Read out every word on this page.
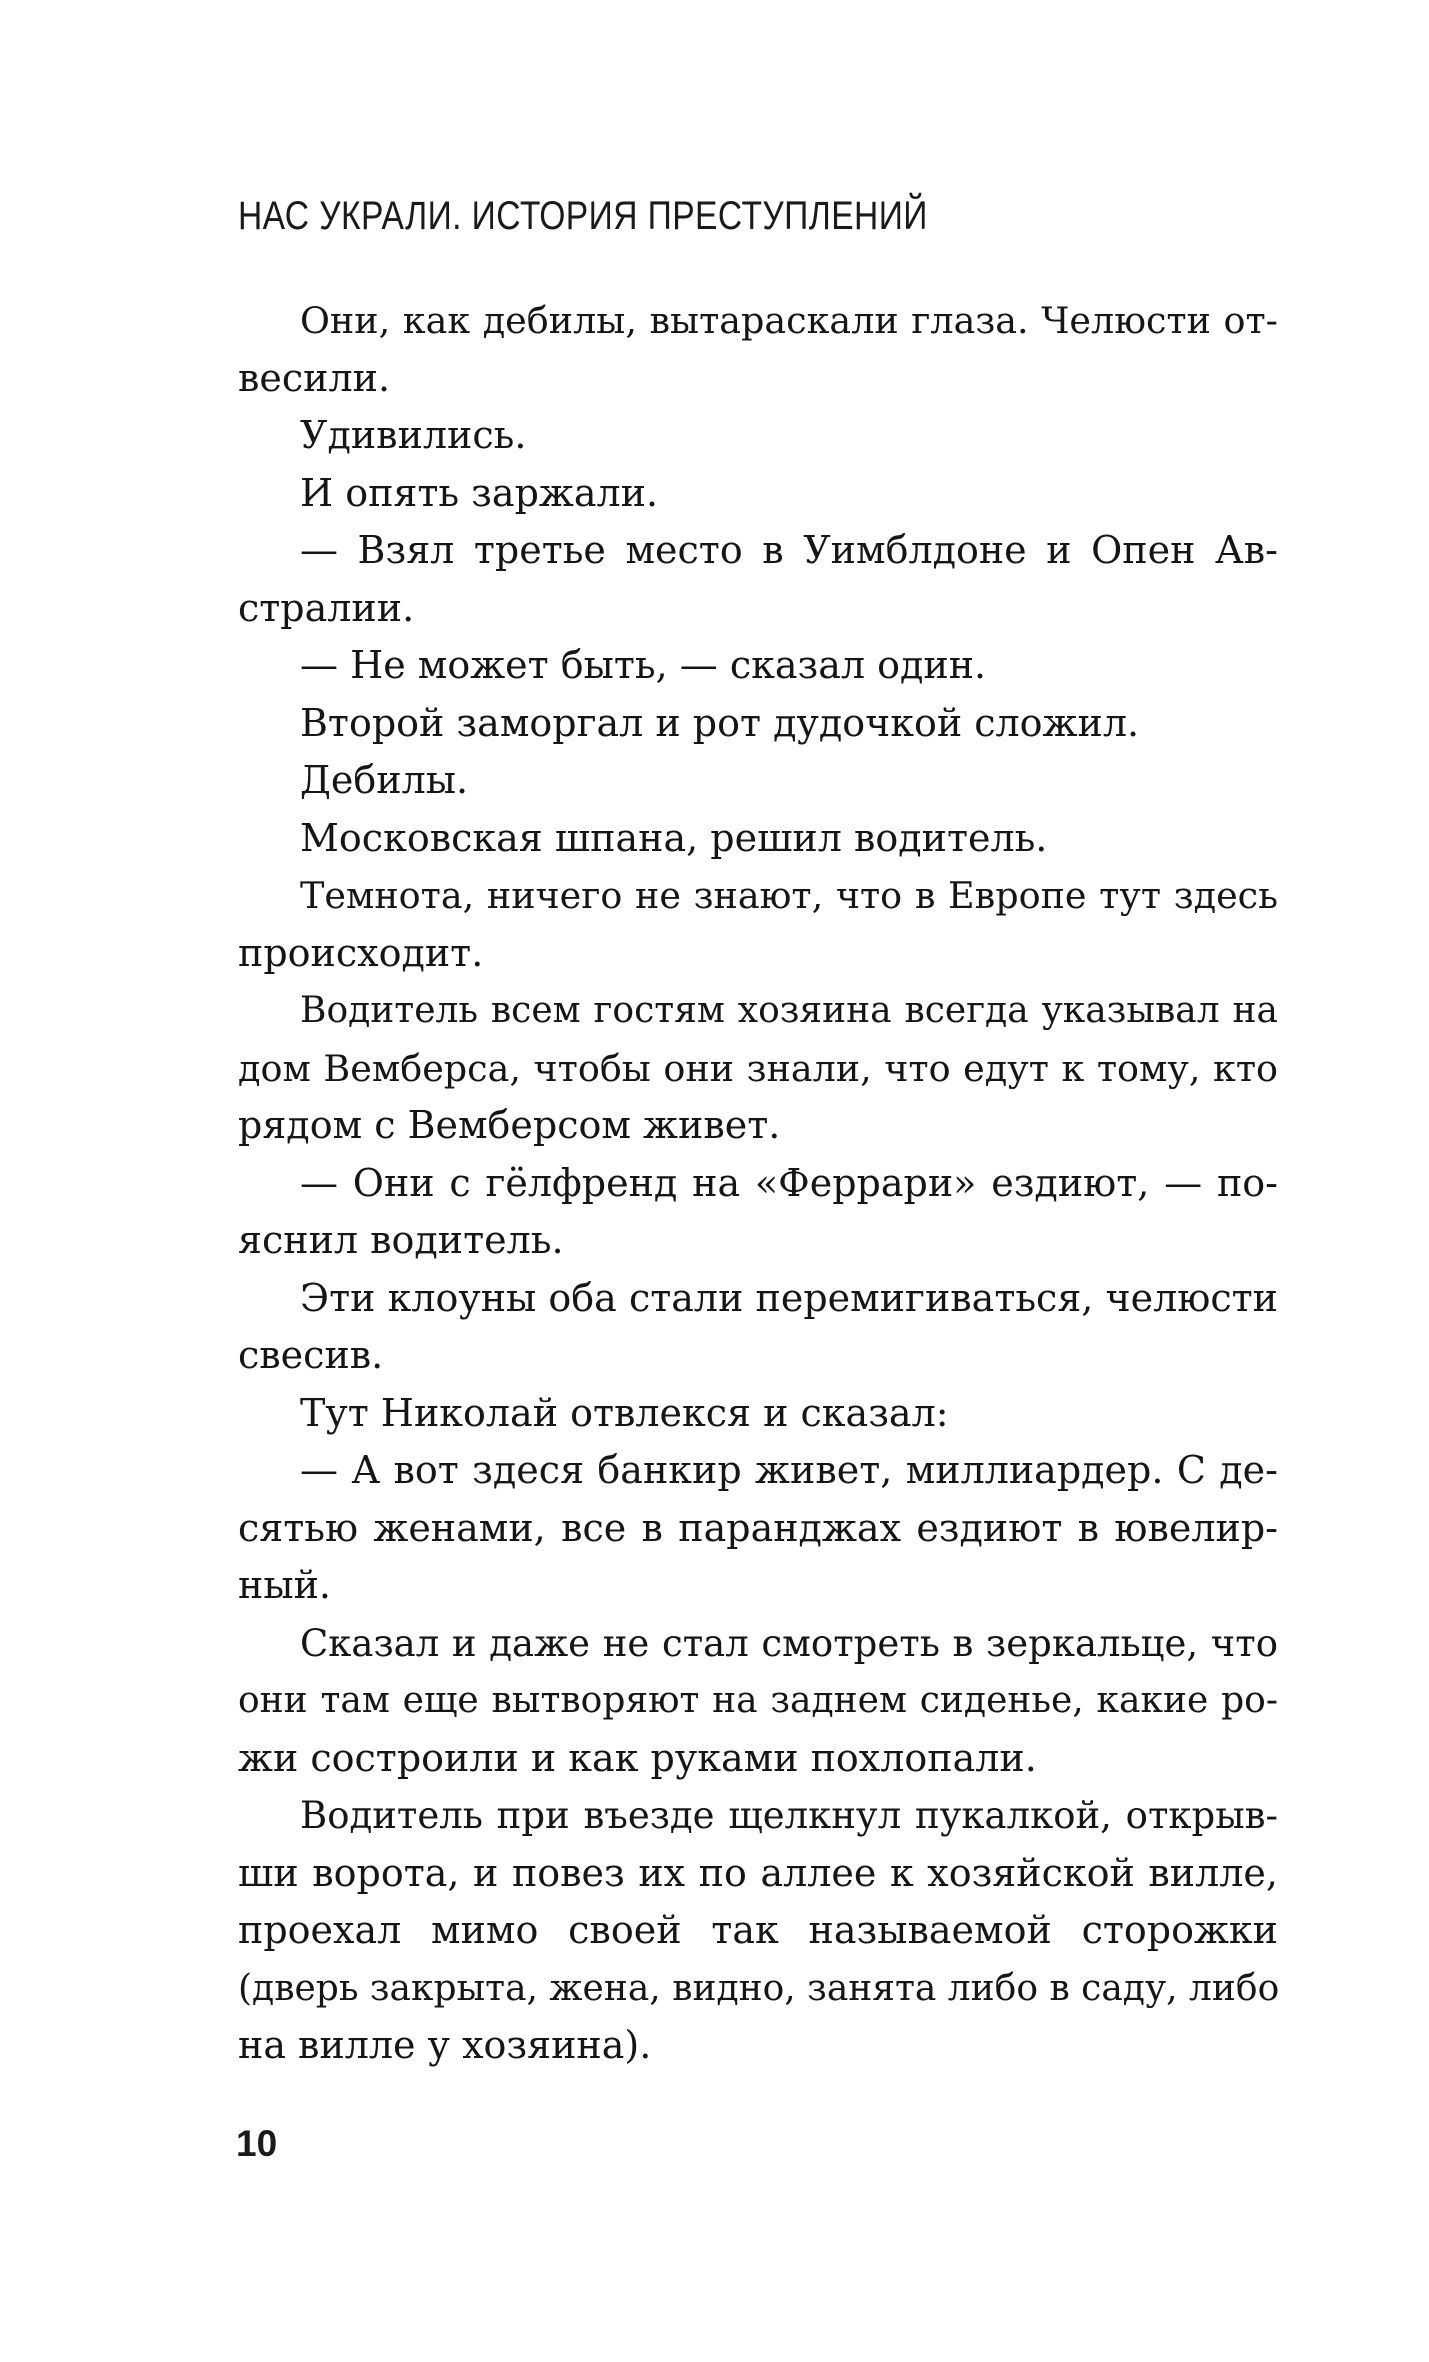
НАС УКРАЛИ. ИСТОРИЯ ПРЕСТУПЛЕНИЙ
Они, как дебилы, вытараскали глаза. Челюсти от-
весили.
Удивились.
И опять заржали.
— Взял третье место в Уимблдоне и Опен Ав-
стралии.
— Не может быть, — сказал один.
Второй заморгал и рот дудочкой сложил.
Дебилы.
Московская шпана, решил водитель.
Темнота, ничего не знают, что в Европе тут здесь
происходит.
Водитель всем гостям хозяина всегда указывал на
дом Вемберса, чтобы они знали, что едут к тому, кто
рядом с Вемберсом живет.
— Они с гёлфренд на «Феррари» ездиют, — по-
яснил водитель.
Эти клоуны оба стали перемигиваться, челюсти
свесив.
Тут Николай отвлекся и сказал:
— А вот здеся банкир живет, миллиардер. С де-
сятью женами, все в паранджах ездиют в ювелир-
ный.
Сказал и даже не стал смотреть в зеркальце, что
они там еще вытворяют на заднем сиденье, какие ро-
жи состроили и как руками похлопали.
Водитель при въезде щелкнул пукалкой, открыв-
ши ворота, и повез их по аллее к хозяйской вилле,
проехал мимо своей так называемой сторожки
(дверь закрыта, жена, видно, занята либо в саду, либо
на вилле у хозяина).
10
